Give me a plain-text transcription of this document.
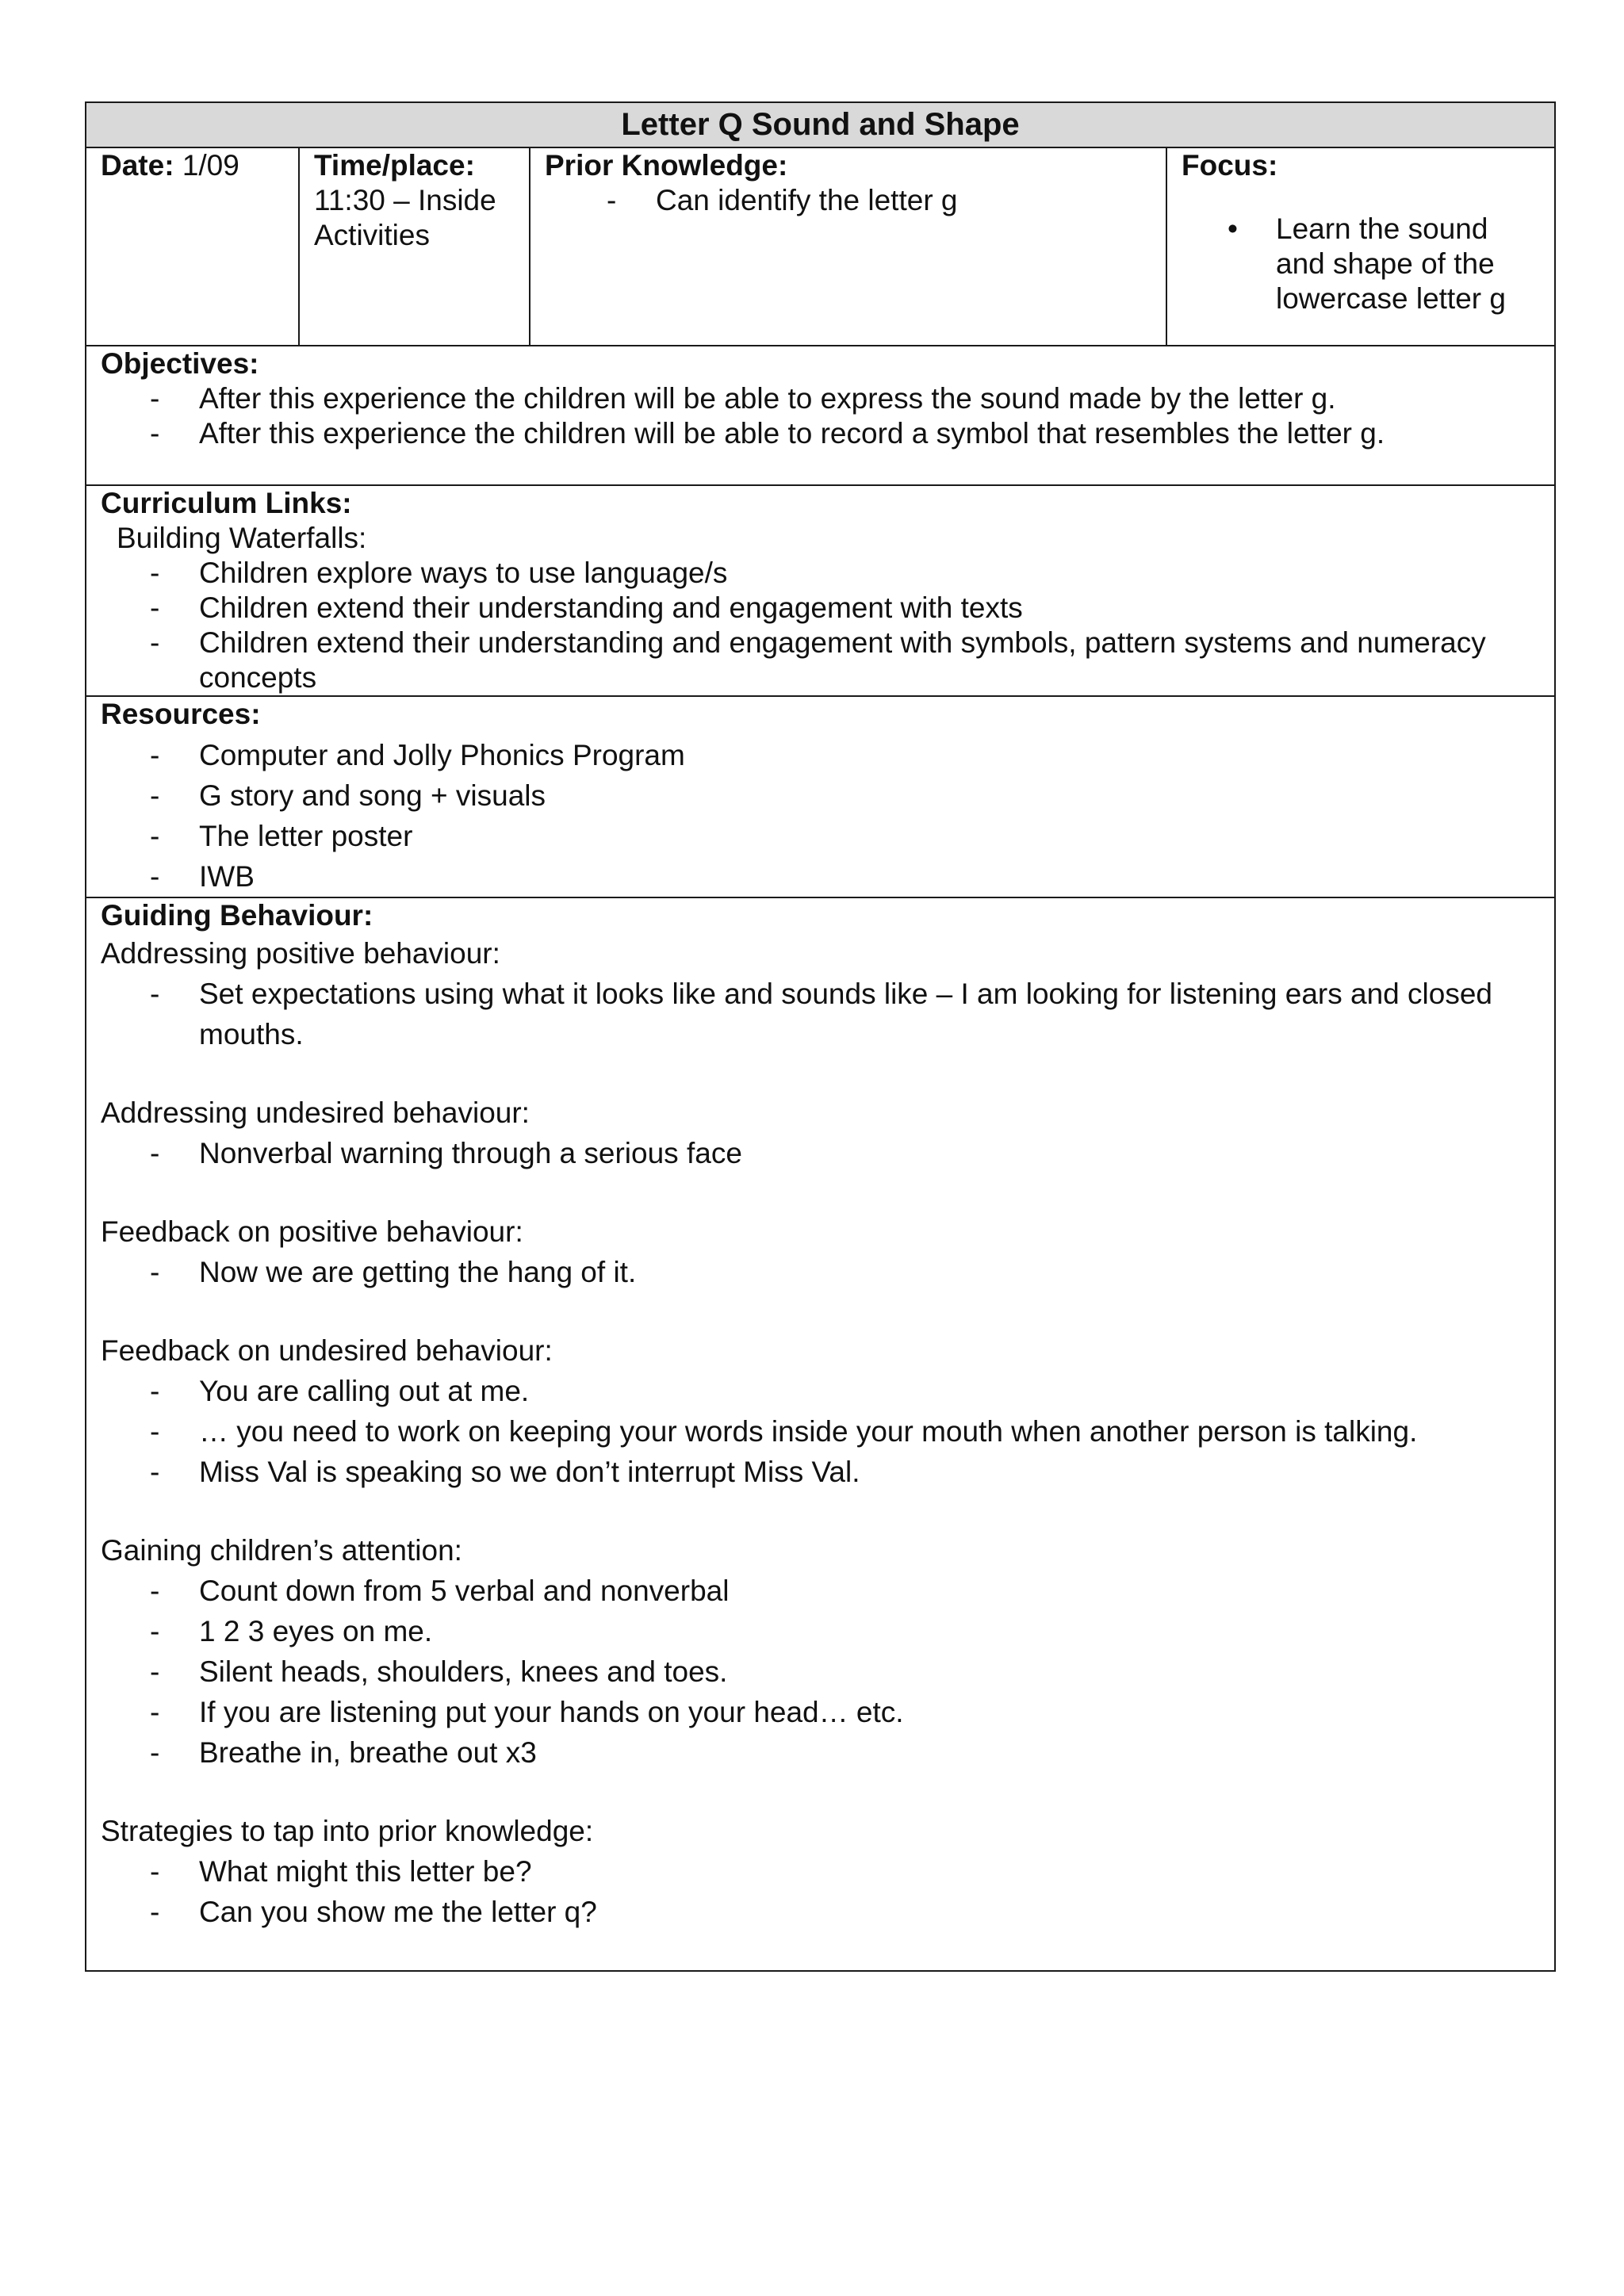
Letter Q Sound and Shape
Date: 1/09	Time/place:
11:30 – Inside Activities

Prior Knowledge:
- Can identify the letter g

Focus:
• Learn the sound and shape of the lowercase letter g

Objectives:
- After this experience the children will be able to express the sound made by the letter g.
- After this experience the children will be able to record a symbol that resembles the letter g.

Curriculum Links:
Building Waterfalls:
- Children explore ways to use language/s
- Children extend their understanding and engagement with texts
- Children extend their understanding and engagement with symbols, pattern systems and numeracy concepts

Resources:
- Computer and Jolly Phonics Program
- G story and song + visuals
- The letter poster
- IWB

Guiding Behaviour:
Addressing positive behaviour:
- Set expectations using what it looks like and sounds like – I am looking for listening ears and closed mouths.
Addressing undesired behaviour:
- Nonverbal warning through a serious face
Feedback on positive behaviour:
- Now we are getting the hang of it.
Feedback on undesired behaviour:
- You are calling out at me.
- … you need to work on keeping your words inside your mouth when another person is talking.
- Miss Val is speaking so we don’t interrupt Miss Val.
Gaining children’s attention:
- Count down from 5 verbal and nonverbal
- 1 2 3 eyes on me.
- Silent heads, shoulders, knees and toes.
- If you are listening put your hands on your head… etc.
- Breathe in, breathe out x3
Strategies to tap into prior knowledge:
- What might this letter be?
- Can you show me the letter q?
